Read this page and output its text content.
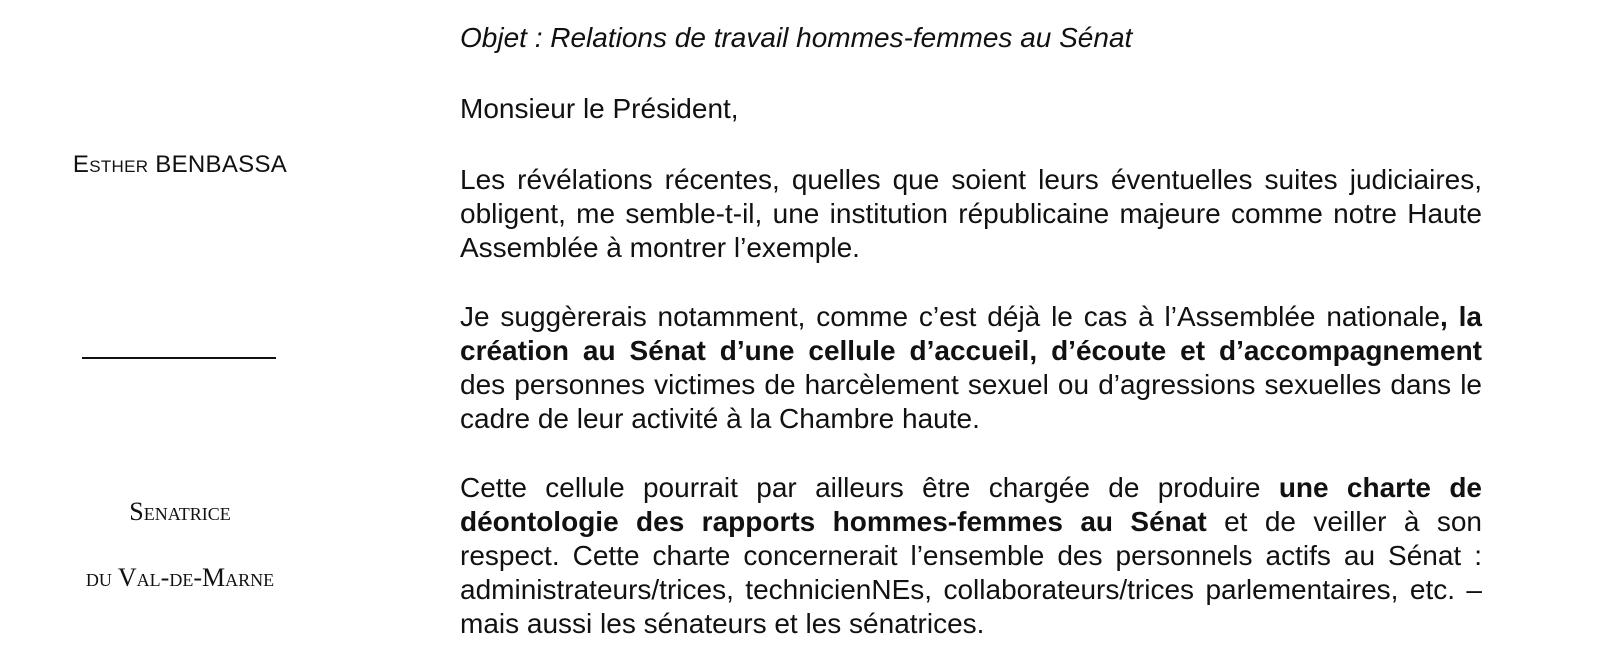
Esther BENBASSA
Senatrice
du Val-de-Marne
Objet : Relations de travail hommes-femmes au Sénat
Monsieur le Président,

Les révélations récentes, quelles que soient leurs éventuelles suites judiciaires, obligent, me semble-t-il, une institution républicaine majeure comme notre Haute Assemblée à montrer l’exemple.

Je suggèrerais notamment, comme c’est déjà le cas à l’Assemblée nationale, la création au Sénat d’une cellule d’accueil, d’écoute et d’accompagnement des personnes victimes de harcèlement sexuel ou d’agressions sexuelles dans le cadre de leur activité à la Chambre haute.

Cette cellule pourrait par ailleurs être chargée de produire une charte de déontologie des rapports hommes-femmes au Sénat et de veiller à son respect. Cette charte concernerait l’ensemble des personnels actifs au Sénat : administrateurs/trices, technicienNEs, collaborateurs/trices parlementaires, etc. – mais aussi les sénateurs et les sénatrices.
